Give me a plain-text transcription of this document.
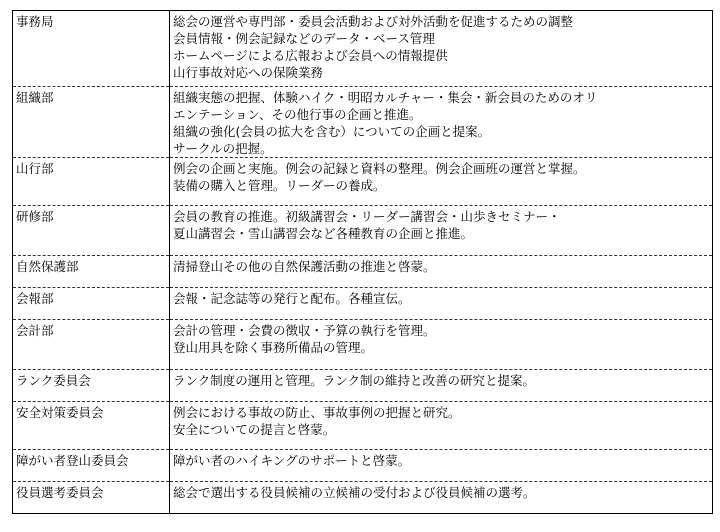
事務局	総会の運営や専門部・委員会活動および対外活動を促進するための調整
会員情報・例会記録などのデータ・ベース管理
ホームページによる広報および会員への情報提供
山行事故対応への保険業務

組織部	組織実態の把握、体験ハイク・明昭カルチャー・集会・新会員のためのオリ
エンテーション、その他行事の企画と推進。
組織の強化(会員の拡大を含む）についての企画と提案。
サークルの把握。

山行部	例会の企画と実施。例会の記録と資料の整理。例会企画班の運営と掌握。
装備の購入と管理。リーダーの養成。

研修部	会員の教育の推進。初級講習会・リーダー講習会・山歩きセミナー・
夏山講習会・雪山講習会など各種教育の企画と推進。

自然保護部	清掃登山その他の自然保護活動の推進と啓蒙。

会報部	会報・記念誌等の発行と配布。各種宣伝。

会計部	会計の管理・会費の徴収・予算の執行を管理。
登山用具を除く事務所備品の管理。

ランク委員会	ランク制度の運用と管理。ランク制の維持と改善の研究と提案。

安全対策委員会	例会における事故の防止、事故事例の把握と研究。
安全についての提言と啓蒙。

障がい者登山委員会	障がい者のハイキングのサポートと啓蒙。

役員選考委員会	総会で選出する役員候補の立候補の受付および役員候補の選考。
